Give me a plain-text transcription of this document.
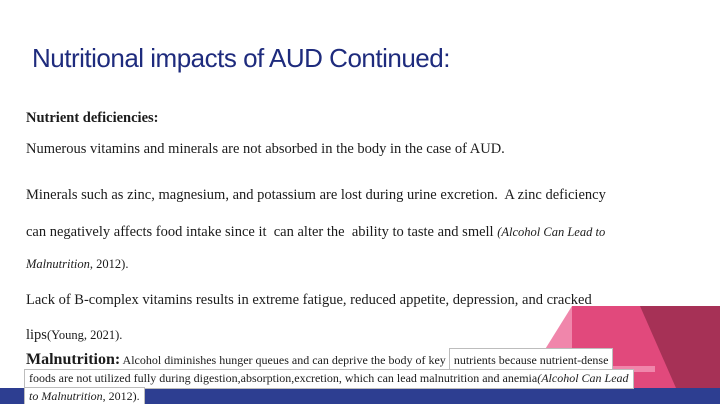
Nutritional impacts of AUD Continued:
Nutrient deficiencies:
Numerous vitamins and minerals are not absorbed in the body in the case of AUD.
Minerals such as zinc, magnesium, and potassium are lost during urine excretion.  A zinc deficiency
can negatively affects food intake since it  can alter the  ability to taste and smell (Alcohol Can Lead to
Malnutrition, 2012).
Lack of B-complex vitamins results in extreme fatigue, reduced appetite, depression, and cracked
lips(Young, 2021).
Malnutrition: Alcohol diminishes hunger queues and can deprive the body of key nutrients because nutrient-dense
foods are not utilized fully during digestion,absorption,excretion, which can lead malnutrition and anemia(Alcohol Can Lead
to Malnutrition, 2012).
